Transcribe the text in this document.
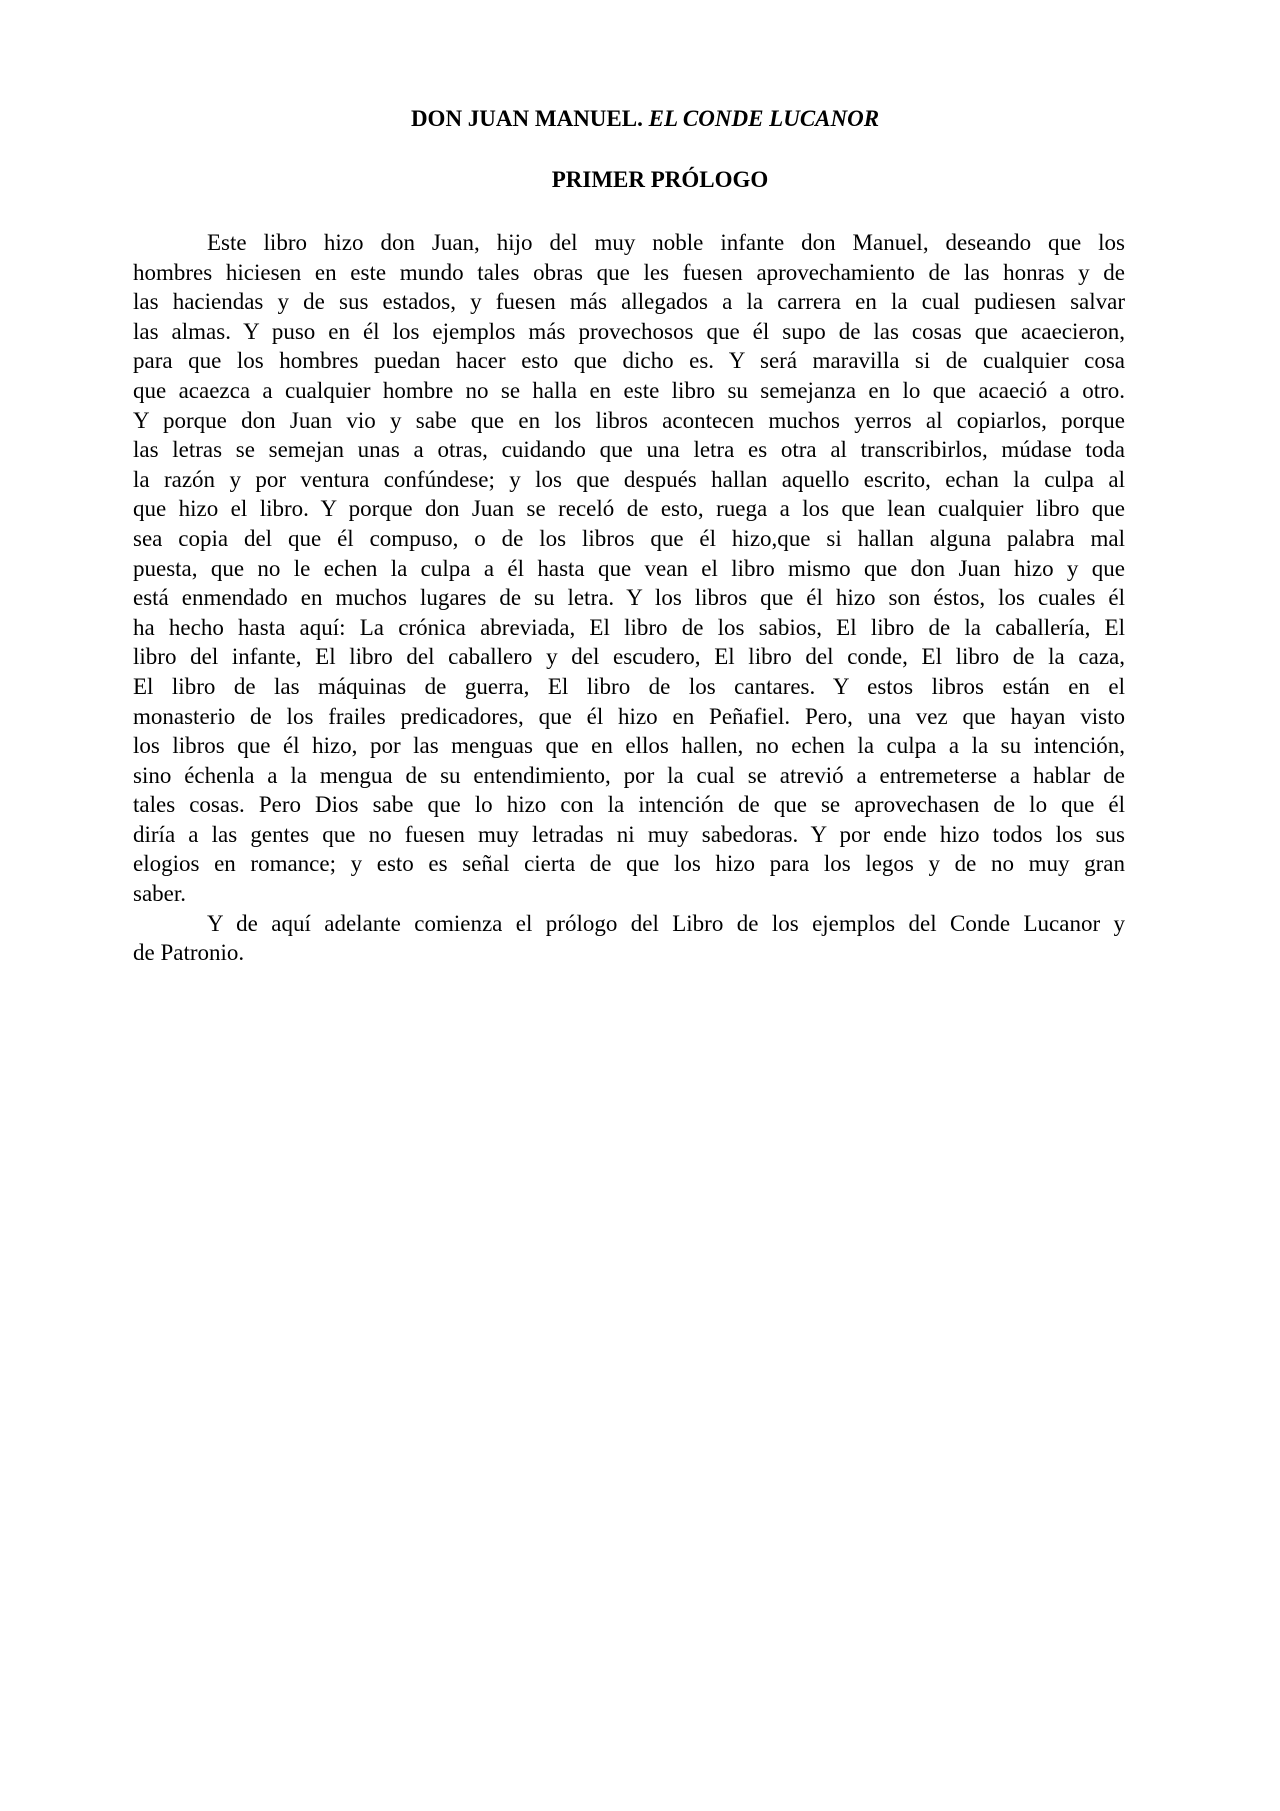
DON JUAN MANUEL. EL CONDE LUCANOR
PRIMER PRÓLOGO
Este libro hizo don Juan, hijo del muy noble infante don Manuel, deseando que los
hombres hiciesen en este mundo tales obras que les fuesen aprovechamiento de las honras y de
las haciendas y de sus estados, y fuesen más allegados a la carrera en la cual pudiesen salvar
las almas. Y puso en él los ejemplos más provechosos que él supo de las cosas que acaecieron,
para que los hombres puedan hacer esto que dicho es. Y será maravilla si de cualquier cosa
que acaezca a cualquier hombre no se halla en este libro su semejanza en lo que acaeció a otro.
Y porque don Juan vio y sabe que en los libros acontecen muchos yerros al copiarlos, porque
las letras se semejan unas a otras, cuidando que una letra es otra al transcribirlos, múdase toda
la razón y por ventura confúndese; y los que después hallan aquello escrito, echan la culpa al
que hizo el libro. Y porque don Juan se receló de esto, ruega a los que lean cualquier libro que
sea copia del que él compuso, o de los libros que él hizo,que si hallan alguna palabra mal
puesta, que no le echen la culpa a él hasta que vean el libro mismo que don Juan hizo y que
está enmendado en muchos lugares de su letra. Y los libros que él hizo son éstos, los cuales él
ha hecho hasta aquí: La crónica abreviada, El libro de los sabios, El libro de la caballería, El
libro del infante, El libro del caballero y del escudero, El libro del conde, El libro de la caza,
El libro de las máquinas de guerra, El libro de los cantares. Y estos libros están en el
monasterio de los frailes predicadores, que él hizo en Peñafiel. Pero, una vez que hayan visto
los libros que él hizo, por las menguas que en ellos hallen, no echen la culpa a la su intención,
sino échenla a la mengua de su entendimiento, por la cual se atrevió a entremeterse a hablar de
tales cosas. Pero Dios sabe que lo hizo con la intención de que se aprovechasen de lo que él
diría a las gentes que no fuesen muy letradas ni muy sabedoras. Y por ende hizo todos los sus
elogios en romance; y esto es señal cierta de que los hizo para los legos y de no muy gran
saber.
Y de aquí adelante comienza el prólogo del Libro de los ejemplos del Conde Lucanor y
de Patronio.
